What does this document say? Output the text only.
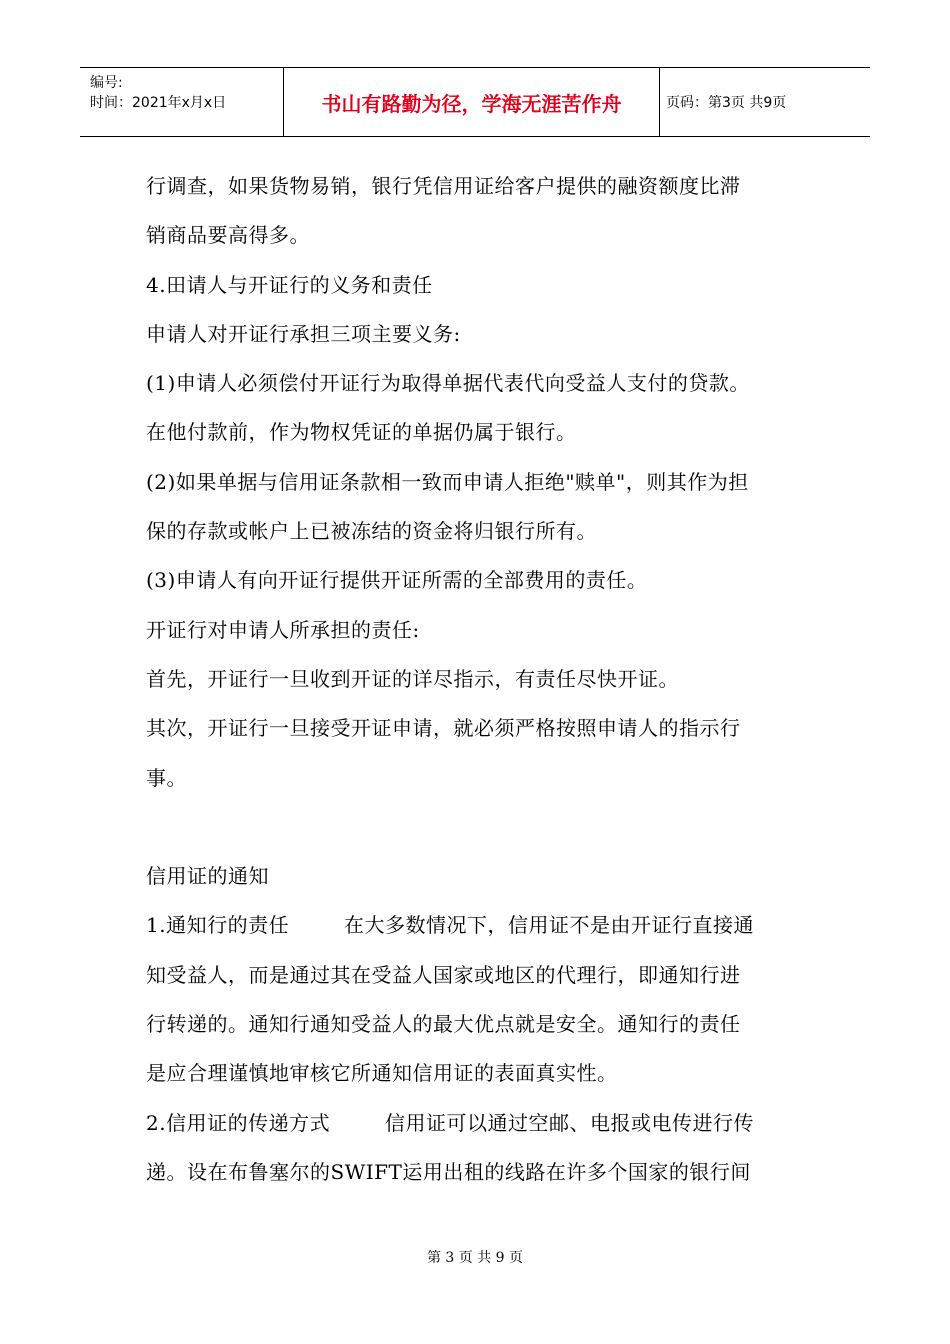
编号:
时间：2021年x月x日	书山有路勤为径，学海无涯苦作舟	页码：第3页 共9页
行调查，如果货物易销，银行凭信用证给客户提供的融资额度比滞
销商品要高得多。
4.田请人与开证行的义务和责任
申请人对开证行承担三项主要义务:
(1)申请人必须偿付开证行为取得单据代表代向受益人支付的贷款。
在他付款前，作为物权凭证的单据仍属于银行。
(2)如果单据与信用证条款相一致而申请人拒绝"赎单"，则其作为担
保的存款或帐户上已被冻结的资金将归银行所有。
(3)申请人有向开证行提供开证所需的全部费用的责任。
开证行对申请人所承担的责任:
首先，开证行一旦收到开证的详尽指示，有责任尽快开证。
其次，开证行一旦接受开证申请，就必须严格按照申请人的指示行
事。
信用证的通知
1.通知行的责任        在大多数情况下，信用证不是由开证行直接通
知受益人，而是通过其在受益人国家或地区的代理行，即通知行进
行转递的。通知行通知受益人的最大优点就是安全。通知行的责任
是应合理谨慎地审核它所通知信用证的表面真实性。
2.信用证的传递方式        信用证可以通过空邮、电报或电传进行传
递。设在布鲁塞尔的SWIFT运用出租的线路在许多个国家的银行间
第 3 页 共 9 页
